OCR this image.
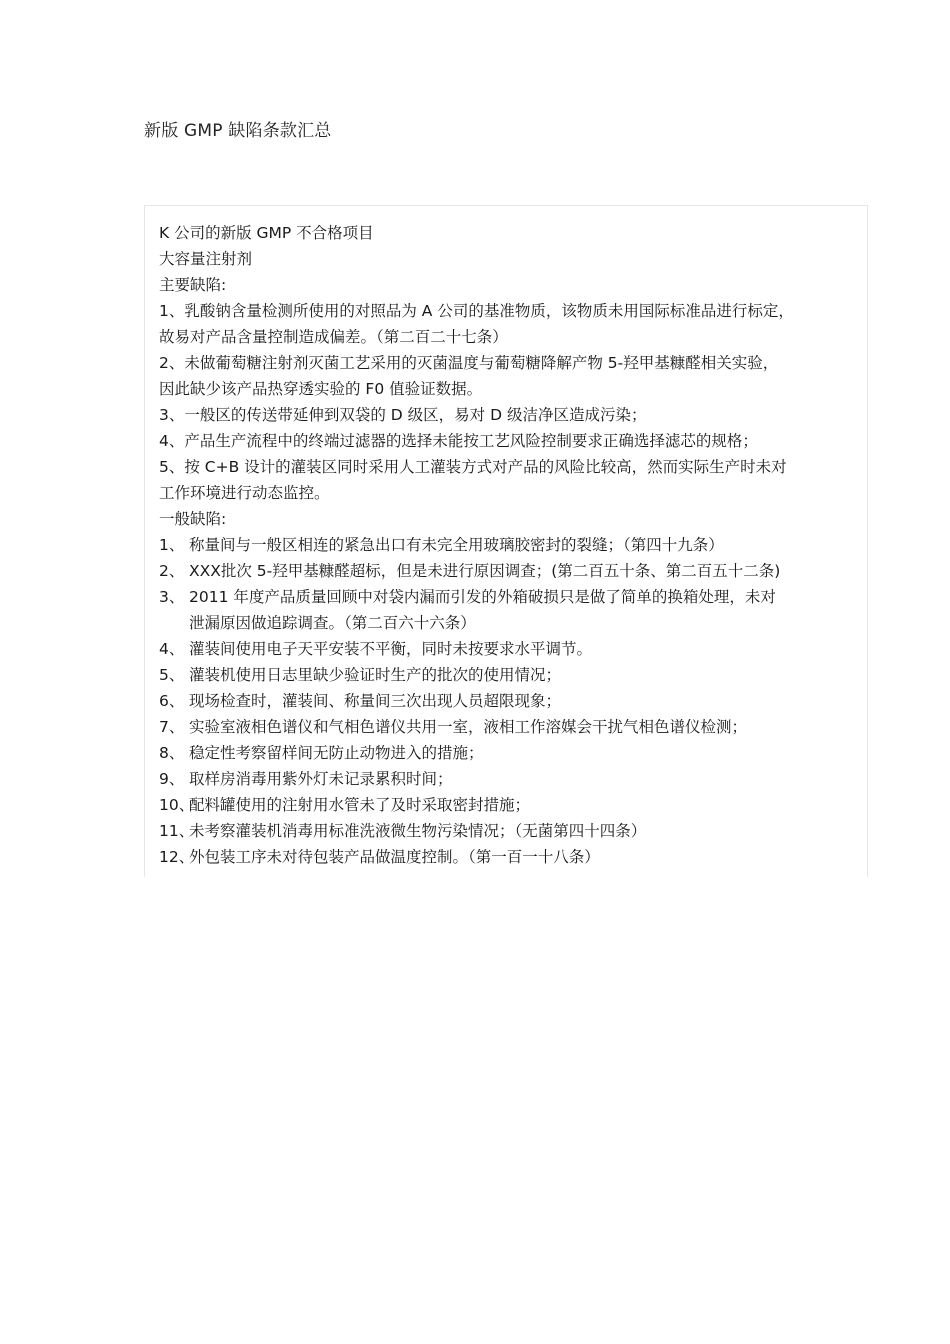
新版 GMP 缺陷条款汇总
K 公司的新版 GMP 不合格项目
大容量注射剂
主要缺陷:
1、 乳酸钠含量检测所使用的对照品为 A 公司的基准物质，该物质未用国际标准品进行标定，
故易对产品含量控制造成偏差。（第二百二十七条）
2、 未做葡萄糖注射剂灭菌工艺采用的灭菌温度与葡萄糖降解产物 5-羟甲基糠醛相关实验，
因此缺少该产品热穿透实验的 F0 值验证数据。
3、 一般区的传送带延伸到双袋的 D 级区，易对 D 级洁净区造成污染；
4、 产品生产流程中的终端过滤器的选择未能按工艺风险控制要求正确选择滤芯的规格；
5、 按 C+B 设计的灌装区同时采用人工灌装方式对产品的风险比较高，然而实际生产时未对
工作环境进行动态监控。
一般缺陷:
1、 称量间与一般区相连的紧急出口有未完全用玻璃胶密封的裂缝；（第四十九条）
2、 XXX批次 5-羟甲基糠醛超标，但是未进行原因调查；(第二百五十条、第二百五十二条)
3、 2011 年度产品质量回顾中对袋内漏而引发的外箱破损只是做了简单的换箱处理，未对
泄漏原因做追踪调查。（第二百六十六条）
4、 灌装间使用电子天平安装不平衡，同时未按要求水平调节。
5、 灌装机使用日志里缺少验证时生产的批次的使用情况；
6、 现场检查时，灌装间、称量间三次出现人员超限现象；
7、 实验室液相色谱仪和气相色谱仪共用一室，液相工作溶媒会干扰气相色谱仪检测；
8、 稳定性考察留样间无防止动物进入的措施；
9、 取样房消毒用紫外灯未记录累积时间；
10、
配料罐使用的注射用水管未了及时采取密封措施；
11、
未考察灌装机消毒用标准洗液微生物污染情况；（无菌第四十四条）
12、
外包装工序未对待包装产品做温度控制。（第一百一十八条）
